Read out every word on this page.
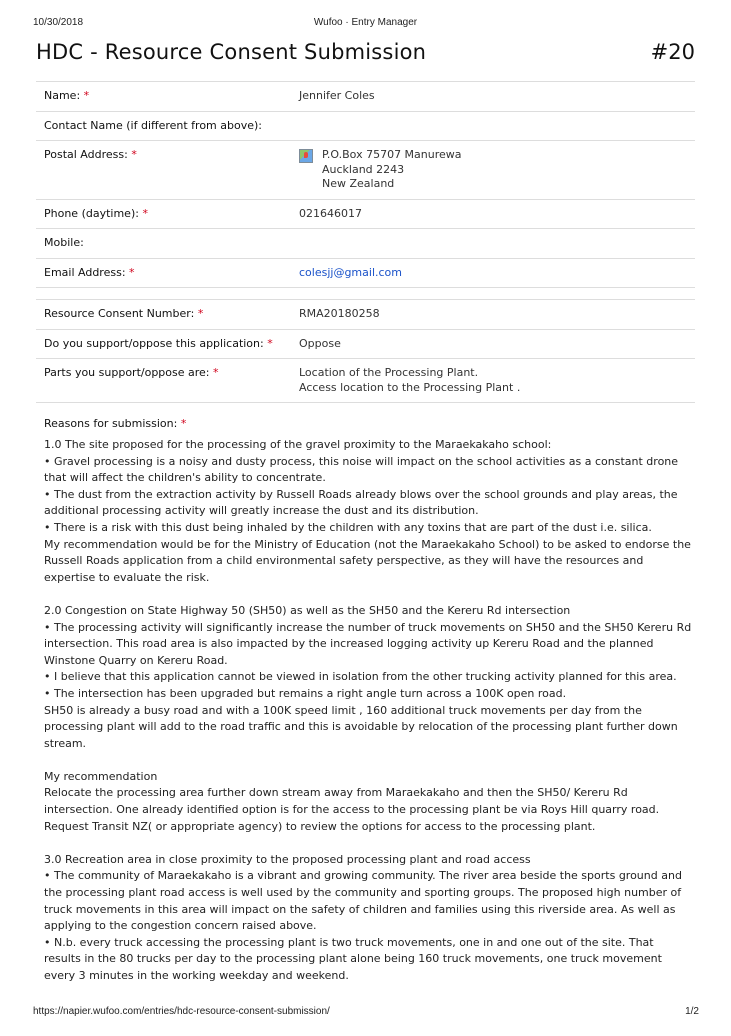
10/30/2018	Wufoo · Entry Manager
HDC - Resource Consent Submission	#20
Name: *	Jennifer Coles
Contact Name (if different from above):	
Postal Address: *	P.O.Box 75707 Manurewa
Auckland 2243
New Zealand

Phone (daytime): *	021646017
Mobile:	
Email Address: *	colesjj@gmail.com

Resource Consent Number: *	RMA20180258
Do you support/oppose this application: *	Oppose
Parts you support/oppose are: *	Location of the Processing Plant.
Access location to the Processing Plant .
Reasons for submission: *

1.0 The site proposed for the processing of the gravel proximity to the Maraekakaho school:

• Gravel processing is a noisy and dusty process, this noise will impact on the school activities as a constant drone that will affect the children's ability to concentrate.

• The dust from the extraction activity by Russell Roads already blows over the school grounds and play areas, the additional processing activity will greatly increase the dust and its distribution.

• There is a risk with this dust being inhaled by the children with any toxins that are part of the dust i.e. silica.

My recommendation would be for the Ministry of Education (not the Maraekakaho School) to be asked to endorse the Russell Roads application from a child environmental safety perspective, as they will have the resources and expertise to evaluate the risk.

2.0 Congestion on State Highway 50 (SH50) as well as the SH50 and the Kereru Rd intersection

• The processing activity will significantly increase the number of truck movements on SH50 and the SH50 Kereru Rd intersection. This road area is also impacted by the increased logging activity up Kereru Road and the planned Winstone Quarry on Kereru Road.

• I believe that this application cannot be viewed in isolation from the other trucking activity planned for this area.

• The intersection has been upgraded but remains a right angle turn across a 100K open road.

SH50 is already a busy road and with a 100K speed limit , 160 additional truck movements per day from the processing plant will add to the road traffic and this is avoidable by relocation of the processing plant further down stream.

My recommendation

Relocate the processing area further down stream away from Maraekakaho and then the SH50/ Kereru Rd intersection. One already identified option is for the access to the processing plant be via Roys Hill quarry road.

Request Transit NZ( or appropriate agency) to review the options for access to the processing plant.

3.0 Recreation area in close proximity to the proposed processing plant and road access

• The community of Maraekakaho is a vibrant and growing community. The river area beside the sports ground and the processing plant road access is well used by the community and sporting groups. The proposed high number of truck movements in this area will impact on the safety of children and families using this riverside area. As well as applying to the congestion concern raised above.

• N.b. every truck accessing the processing plant is two truck movements, one in and one out of the site. That results in the 80 trucks per day to the processing plant alone being 160 truck movements, one truck movement every 3 minutes in the working weekday and weekend.

https://napier.wufoo.com/entries/hdc-resource-consent-submission/	1/2
